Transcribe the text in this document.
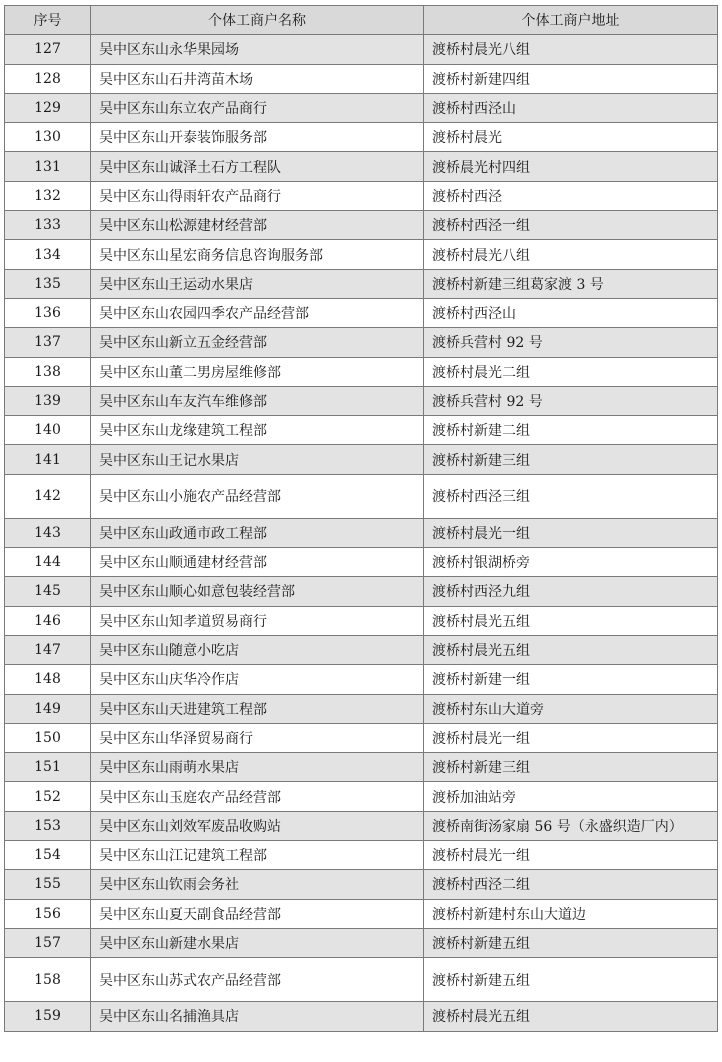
序号	个体工商户名称	个体工商户地址
127	吴中区东山永华果园场	渡桥村晨光八组
128	吴中区东山石井湾苗木场	渡桥村新建四组
129	吴中区东山东立农产品商行	渡桥村西泾山
130	吴中区东山开泰装饰服务部	渡桥村晨光
131	吴中区东山诚泽土石方工程队	渡桥晨光村四组
132	吴中区东山得雨轩农产品商行	渡桥村西泾
133	吴中区东山松源建材经营部	渡桥村西泾一组
134	吴中区东山星宏商务信息咨询服务部	渡桥村晨光八组
135	吴中区东山王运动水果店	渡桥村新建三组葛家渡 3 号
136	吴中区东山农园四季农产品经营部	渡桥村西泾山
137	吴中区东山新立五金经营部	渡桥兵营村 92 号
138	吴中区东山董二男房屋维修部	渡桥村晨光二组
139	吴中区东山车友汽车维修部	渡桥兵营村 92 号
140	吴中区东山龙缘建筑工程部	渡桥村新建二组
141	吴中区东山王记水果店	渡桥村新建三组
142	吴中区东山小施农产品经营部	渡桥村西泾三组
143	吴中区东山政通市政工程部	渡桥村晨光一组
144	吴中区东山顺通建材经营部	渡桥村银湖桥旁
145	吴中区东山顺心如意包装经营部	渡桥村西泾九组
146	吴中区东山知孝道贸易商行	渡桥村晨光五组
147	吴中区东山随意小吃店	渡桥村晨光五组
148	吴中区东山庆华冷作店	渡桥村新建一组
149	吴中区东山天进建筑工程部	渡桥村东山大道旁
150	吴中区东山华泽贸易商行	渡桥村晨光一组
151	吴中区东山雨萌水果店	渡桥村新建三组
152	吴中区东山玉庭农产品经营部	渡桥加油站旁
153	吴中区东山刘效军废品收购站	渡桥南街汤家扇 56 号（永盛织造厂内）
154	吴中区东山江记建筑工程部	渡桥村晨光一组
155	吴中区东山钦雨会务社	渡桥村西泾二组
156	吴中区东山夏天副食品经营部	渡桥村新建村东山大道边
157	吴中区东山新建水果店	渡桥村新建五组
158	吴中区东山苏式农产品经营部	渡桥村新建五组
159	吴中区东山名捕渔具店	渡桥村晨光五组
